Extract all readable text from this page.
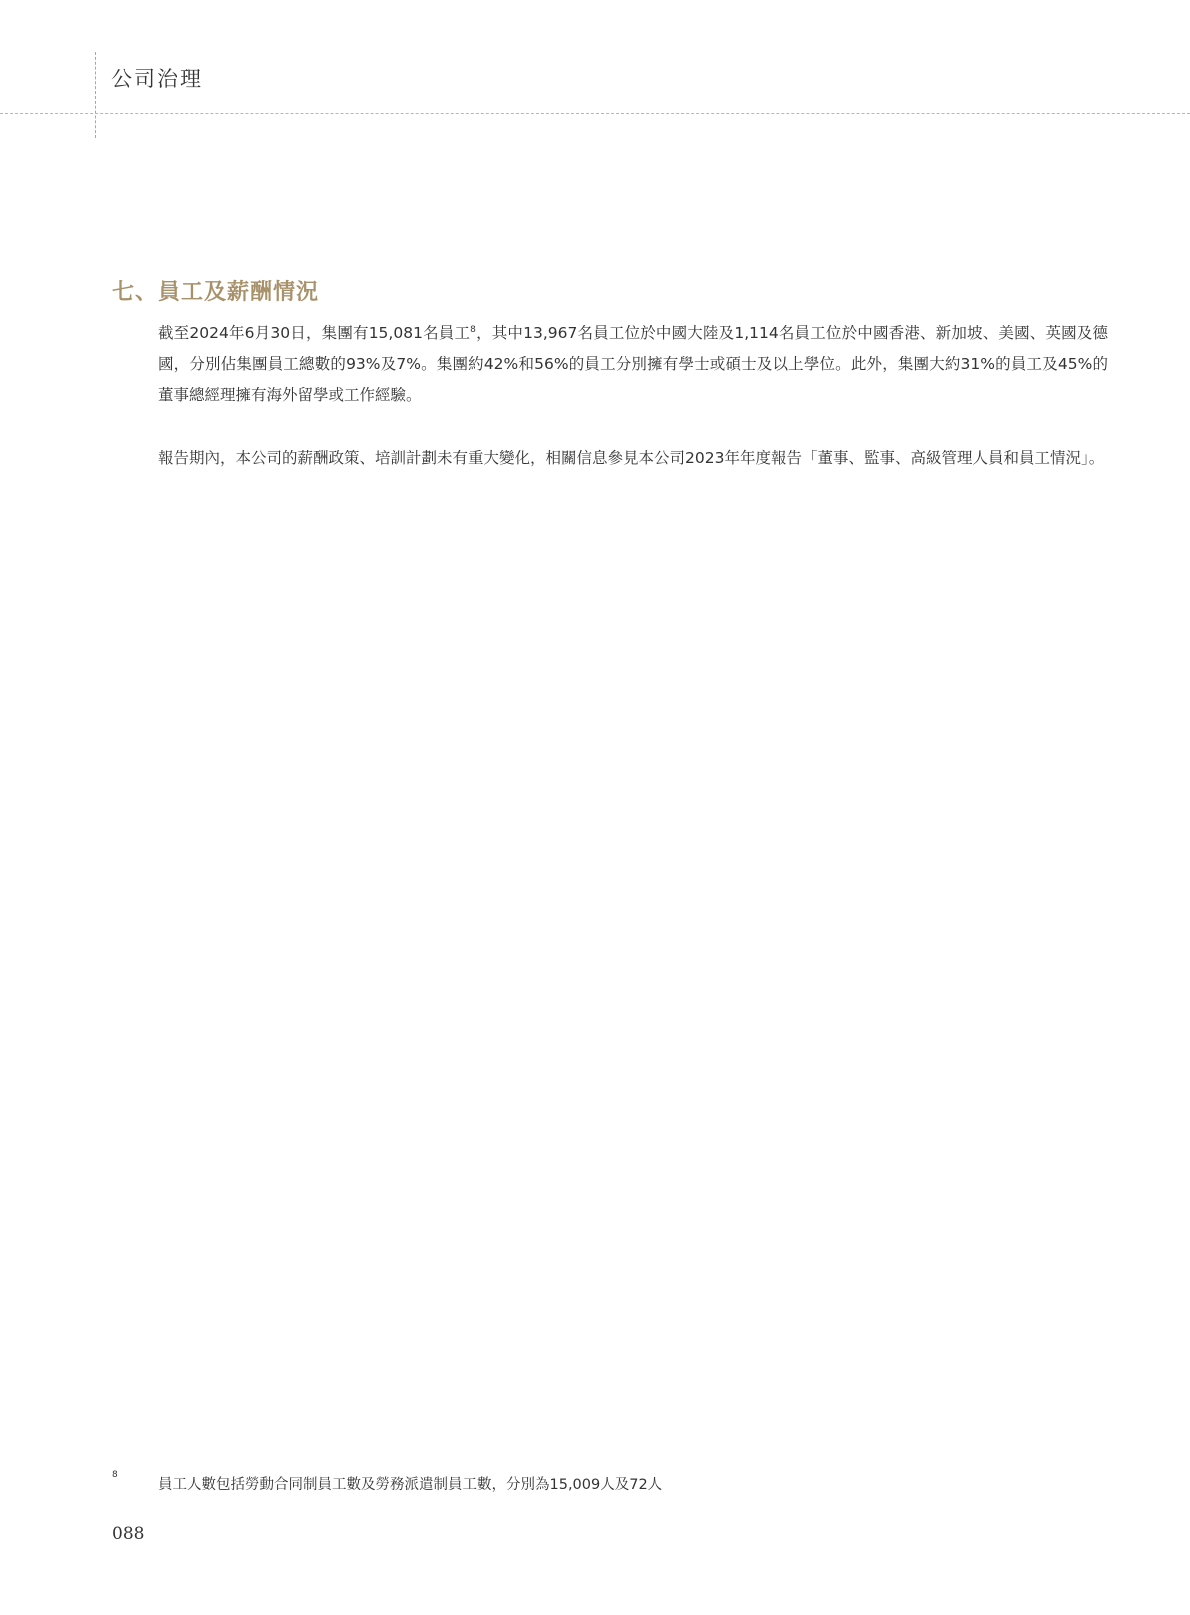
公司治理
七、員工及薪酬情況

截至2024年6月30日，集團有15,081名員工$^8$，其中13,967名員工位於中國大陸及1,114名員工位於中國香港、新加坡、美國、英國及德國，分別佔集團員工總數的93%及7%。集團約42%和56%的員工分別擁有學士或碩士及以上學位。此外，集團大約31%的員工及45%的董事總經理擁有海外留學或工作經驗。

報告期內，本公司的薪酬政策、培訓計劃未有重大變化，相關信息參見本公司2023年年度報告「董事、監事、高級管理人員和員工情況」。

8
員工人數包括勞動合同制員工數及勞務派遣制員工數，分別為15,009人及72人
088
